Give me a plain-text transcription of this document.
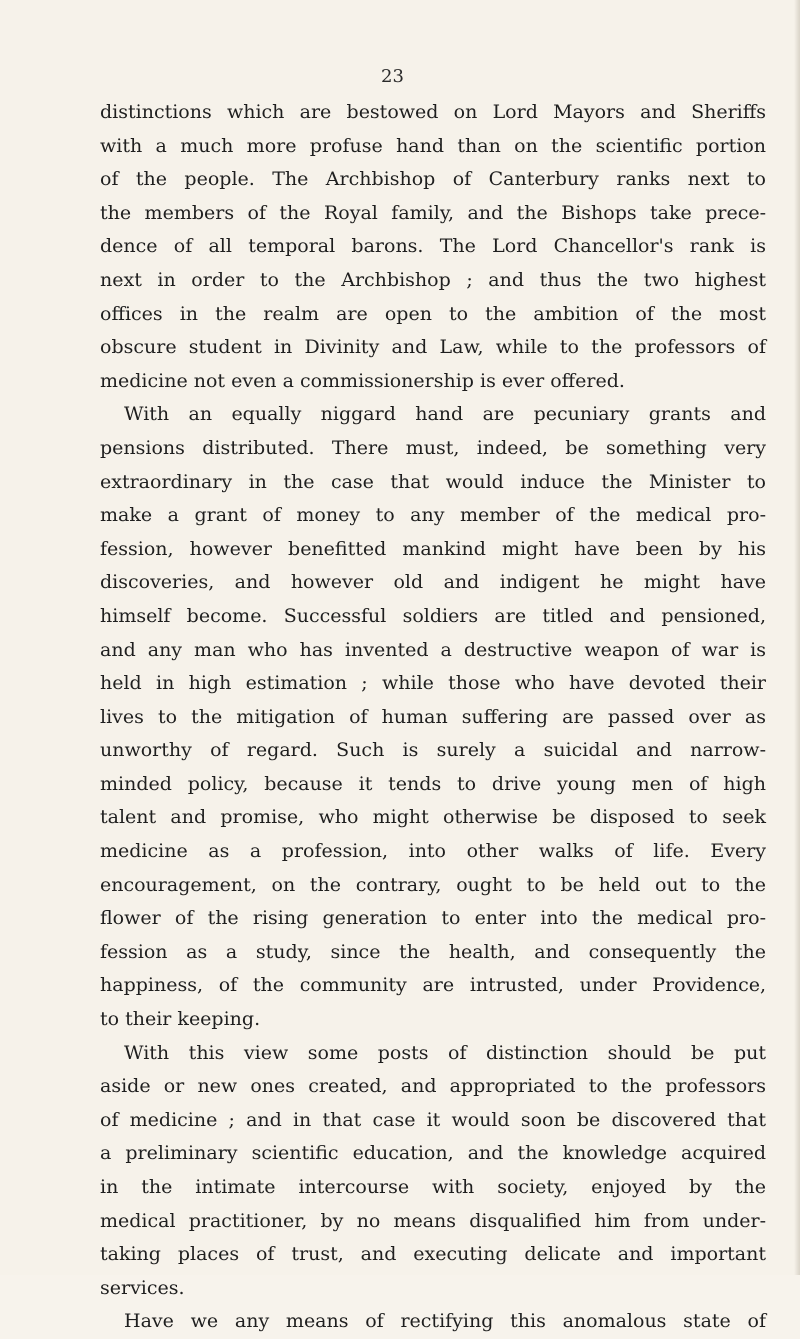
23
distinctions which are bestowed on Lord Mayors and Sheriffs
with a much more profuse hand than on the scientific portion
of the people. The Archbishop of Canterbury ranks next to
the members of the Royal family, and the Bishops take prece-
dence of all temporal barons. The Lord Chancellor's rank is
next in order to the Archbishop ; and thus the two highest
offices in the realm are open to the ambition of the most
obscure student in Divinity and Law, while to the professors of
medicine not even a commissionership is ever offered.
With an equally niggard hand are pecuniary grants and
pensions distributed. There must, indeed, be something very
extraordinary in the case that would induce the Minister to
make a grant of money to any member of the medical pro-
fession, however benefitted mankind might have been by his
discoveries, and however old and indigent he might have
himself become. Successful soldiers are titled and pensioned,
and any man who has invented a destructive weapon of war is
held in high estimation ; while those who have devoted their
lives to the mitigation of human suffering are passed over as
unworthy of regard. Such is surely a suicidal and narrow-
minded policy, because it tends to drive young men of high
talent and promise, who might otherwise be disposed to seek
medicine as a profession, into other walks of life. Every
encouragement, on the contrary, ought to be held out to the
flower of the rising generation to enter into the medical pro-
fession as a study, since the health, and consequently the
happiness, of the community are intrusted, under Providence,
to their keeping.
With this view some posts of distinction should be put
aside or new ones created, and appropriated to the professors
of medicine ; and in that case it would soon be discovered that
a preliminary scientific education, and the knowledge acquired
in the intimate intercourse with society, enjoyed by the
medical practitioner, by no means disqualified him from under-
taking places of trust, and executing delicate and important
services.
Have we any means of rectifying this anomalous state of
